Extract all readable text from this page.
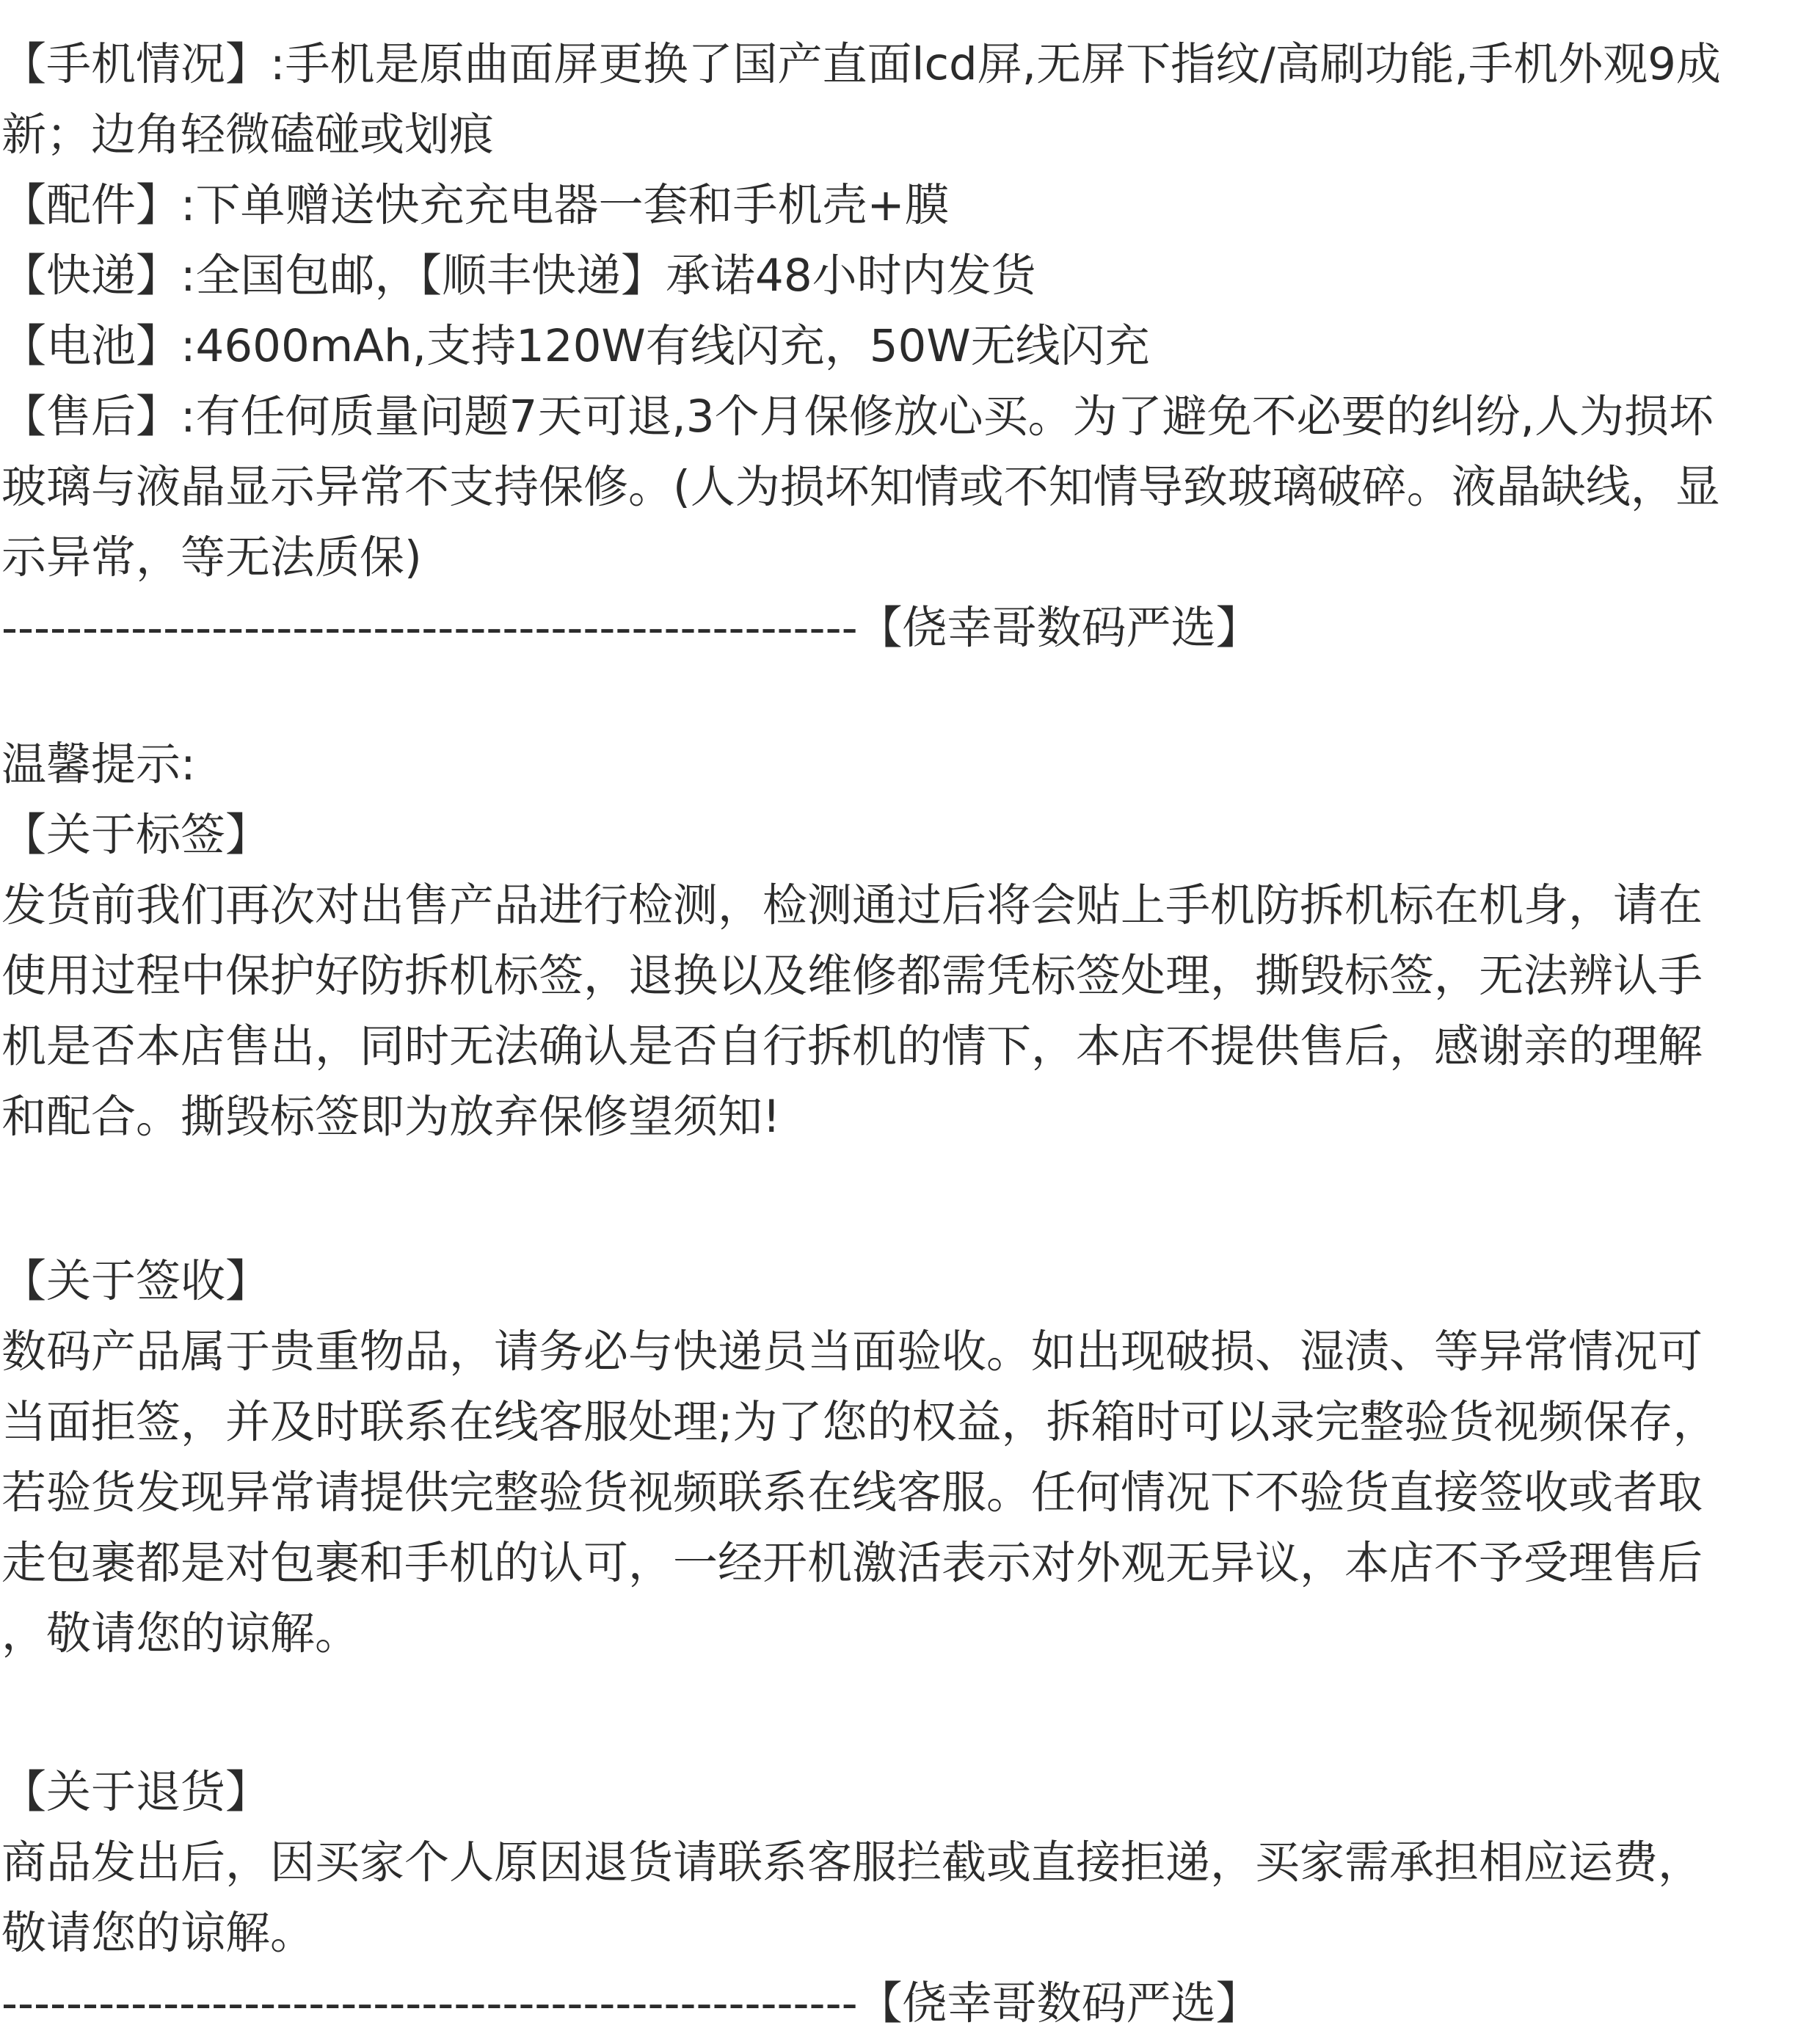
【手机情况】:手机是原曲面屏更换了国产直面lcd屏,无屏下指纹/高刷功能,手机外观9成
新；边角轻微磕碰或划痕
【配件】:下单赠送快充充电器一套和手机壳+膜
【快递】:全国包邮，【顺丰快递】承诺48小时内发货
【电池】:4600mAh,支持120W有线闪充，50W无线闪充
【售后】:有任何质量问题7天可退,3个月保修放心买。为了避免不必要的纠纷,人为损坏
玻璃与液晶显示异常不支持保修。(人为损坏知情或不知情导致玻璃破碎。液晶缺线，显
示异常，等无法质保)
-----------------------------------------------------【侥幸哥数码严选】
温馨提示:
【关于标签】
发货前我们再次对出售产品进行检测，检测通过后将会贴上手机防拆机标在机身，请在
使用过程中保护好防拆机标签，退换以及维修都需凭标签处理，撕毁标签，无法辨认手
机是否本店售出，同时无法确认是否自行拆机的情下，本店不提供售后，感谢亲的理解
和配合。撕毁标签即为放弃保修望须知!
【关于签收】
数码产品属于贵重物品，请务必与快递员当面验收。如出现破损、湿渍、等异常情况可
当面拒签，并及时联系在线客服处理;为了您的权益，拆箱时可以录完整验货视频保存，
若验货发现异常请提供完整验货视频联系在线客服。任何情况下不验货直接签收或者取
走包裹都是对包裹和手机的认可，一经开机激活表示对外观无异议，本店不予受理售后
，敬请您的谅解。
【关于退货】
商品发出后，因买家个人原因退货请联系客服拦截或直接拒递，买家需承担相应运费，
敬请您的谅解。
-----------------------------------------------------【侥幸哥数码严选】
